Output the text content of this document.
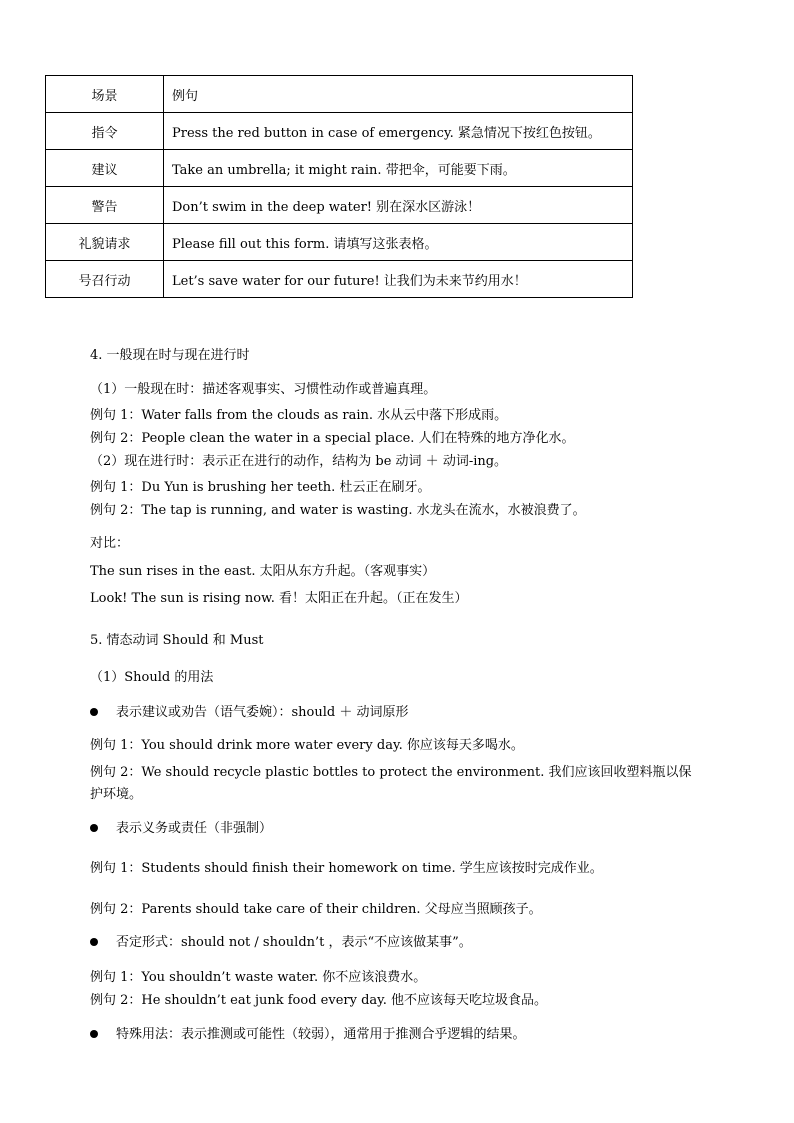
场景	例句
指令	Press the red button in case of emergency. 紧急情况下按红色按钮。
建议	Take an umbrella; it might rain. 带把伞，可能要下雨。
警告	Don’t swim in the deep water! 别在深水区游泳！
礼貌请求	Please fill out this form. 请填写这张表格。
号召行动	Let’s save water for our future! 让我们为未来节约用水！
4. 一般现在时与现在进行时
（1）一般现在时：描述客观事实、习惯性动作或普遍真理。
例句 1：Water falls from the clouds as rain. 水从云中落下形成雨。
例句 2：People clean the water in a special place. 人们在特殊的地方净化水。
（2）现在进行时：表示正在进行的动作，结构为 be 动词 ＋ 动词-ing。
例句 1：Du Yun is brushing her teeth. 杜云正在刷牙。
例句 2：The tap is running, and water is wasting. 水龙头在流水，水被浪费了。
对比：
The sun rises in the east. 太阳从东方升起。（客观事实）
Look! The sun is rising now. 看！太阳正在升起。（正在发生）
5. 情态动词 Should 和 Must
（1）Should 的用法
表示建议或劝告（语气委婉）：should ＋ 动词原形
例句 1：You should drink more water every day. 你应该每天多喝水。
例句 2：We should recycle plastic bottles to protect the environment. 我们应该回收塑料瓶以保护环境。
表示义务或责任（非强制）
例句 1：Students should finish their homework on time. 学生应该按时完成作业。
例句 2：Parents should take care of their children. 父母应当照顾孩子。
否定形式：should not / shouldn’t ，表示“不应该做某事”。
例句 1：You shouldn’t waste water. 你不应该浪费水。
例句 2：He shouldn’t eat junk food every day. 他不应该每天吃垃圾食品。
特殊用法：表示推测或可能性（较弱），通常用于推测合乎逻辑的结果。
